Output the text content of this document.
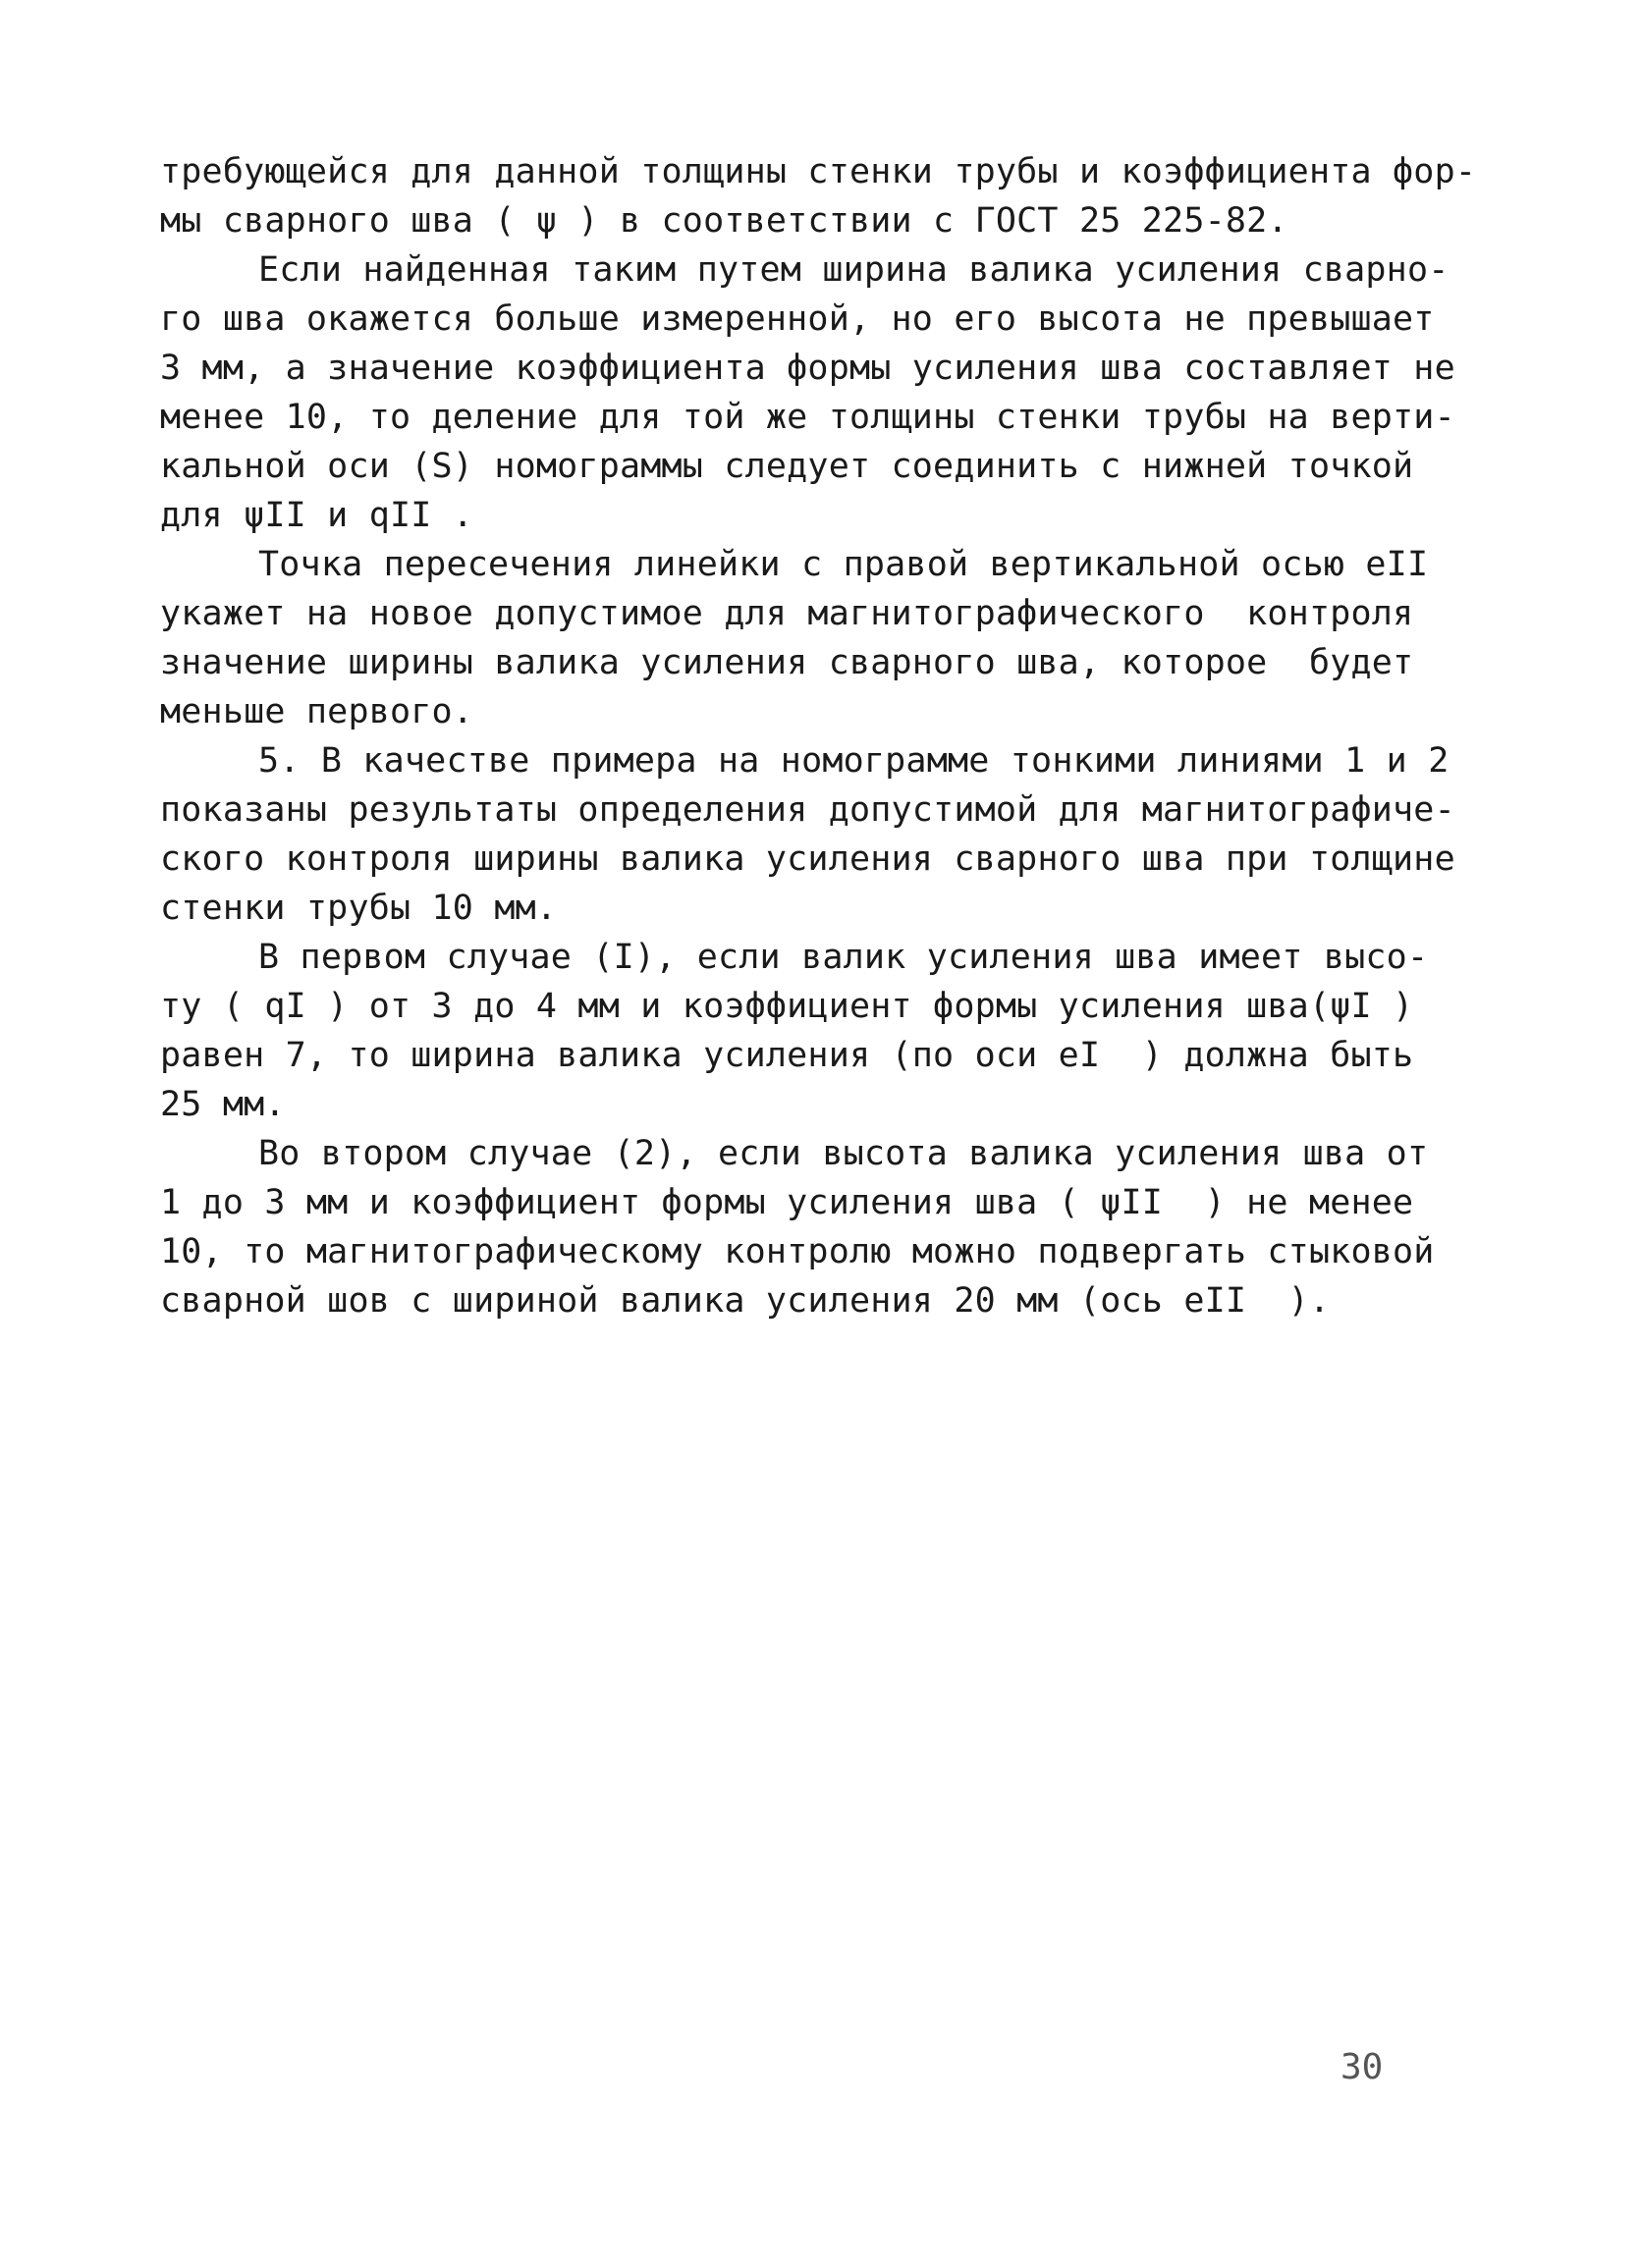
требующейся для данной толщины стенки трубы и коэффициента фор-
мы сварного шва ( ψ ) в соответствии с ГОСТ 25 225-82.
Если найденная таким путем ширина валика усиления сварно-
го шва окажется больше измеренной, но его высота не превышает
3 мм, а значение коэффициента формы усиления шва составляет не
менее 10, то деление для той же толщины стенки трубы на верти-
кальной оси (S) номограммы следует соединить с нижней точкой
для ψII и qII .
Точка пересечения линейки с правой вертикальной осью eII
укажет на новое допустимое для магнитографического  контроля
значение ширины валика усиления сварного шва, которое  будет
меньше первого.
5. В качестве примера на номограмме тонкими линиями 1 и 2
показаны результаты определения допустимой для магнитографиче-
ского контроля ширины валика усиления сварного шва при толщине
стенки трубы 10 мм.
В первом случае (I), если валик усиления шва имеет высо-
ту ( qI ) от 3 до 4 мм и коэффициент формы усиления шва(ψI )
равен 7, то ширина валика усиления (по оси eI  ) должна быть
25 мм.
Во втором случае (2), если высота валика усиления шва от
1 до 3 мм и коэффициент формы усиления шва ( ψII  ) не менее
10, то магнитографическому контролю можно подвергать стыковой
сварной шов с шириной валика усиления 20 мм (ось eII  ).
30
